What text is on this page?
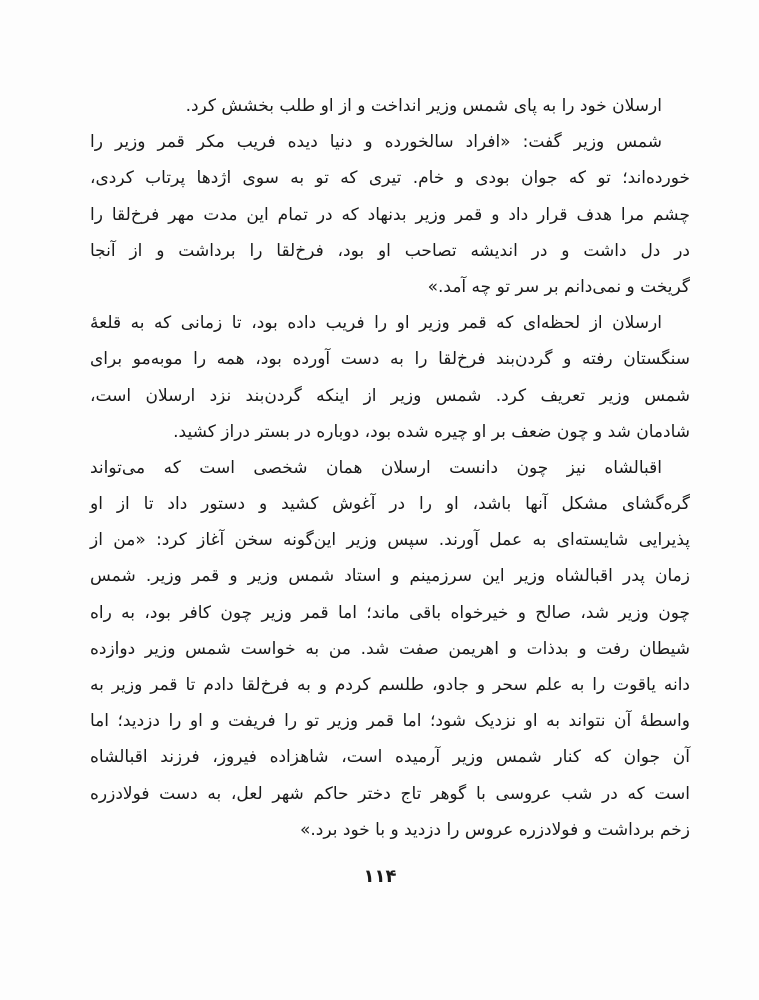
ارسلان خود را به پای شمس وزیر انداخت و از او طلب بخشش کرد.
شمس وزیر گفت: «افراد سالخورده و دنیا دیده فریب مکر قمر وزیر را
خورده‌اند؛ تو که جوان بودی و خام. تیری که تو به سوی اژدها پرتاب کردی،
چشم مرا هدف قرار داد و قمر وزیر بدنهاد که در تمام این مدت مهر فرخ‌لقا را
در دل داشت و در اندیشه تصاحب او بود، فرخ‌لقا را برداشت و از آنجا
گریخت و نمی‌دانم بر سر تو چه آمد.»
ارسلان از لحظه‌ای که قمر وزیر او را فریب داده بود، تا زمانی که به قلعهٔ
سنگستان رفته و گردن‌بند فرخ‌لقا را به دست آورده بود، همه را مو‌به‌مو برای
شمس وزیر تعریف کرد. شمس وزیر از اینکه گردن‌بند نزد ارسلان است،
شادمان شد و چون ضعف بر او چیره شده بود، دوباره در بستر دراز کشید.
اقبالشاه نیز چون دانست ارسلان همان شخصی است که می‌تواند
گره‌گشای مشکل آنها باشد، او را در آغوش کشید و دستور داد تا از او
پذیرایی شایسته‌ای به عمل آورند. سپس وزیر این‌گونه سخن آغاز کرد: «من از
زمان پدر اقبالشاه وزیر این سرزمینم و استاد شمس وزیر و قمر وزیر. شمس
چون وزیر شد، صالح و خیرخواه باقی ماند؛ اما قمر وزیر چون کافر بود، به راه
شیطان رفت و بدذات و اهریمن صفت شد. من به خواست شمس وزیر دوازده
دانه یاقوت را به علم سحر و جادو، طلسم کردم و به فرخ‌لقا دادم تا قمر وزیر به
واسطهٔ آن نتواند به او نزدیک شود؛ اما قمر وزیر تو را فریفت و او را دزدید؛ اما
آن جوان که کنار شمس وزیر آرمیده است، شاهزاده فیروز، فرزند اقبالشاه
است که در شب عروسی با گوهر تاج دختر حاکم شهر لعل، به دست فولادزره
زخم برداشت و فولادزره عروس را دزدید و با خود برد.»
۱۱۴
